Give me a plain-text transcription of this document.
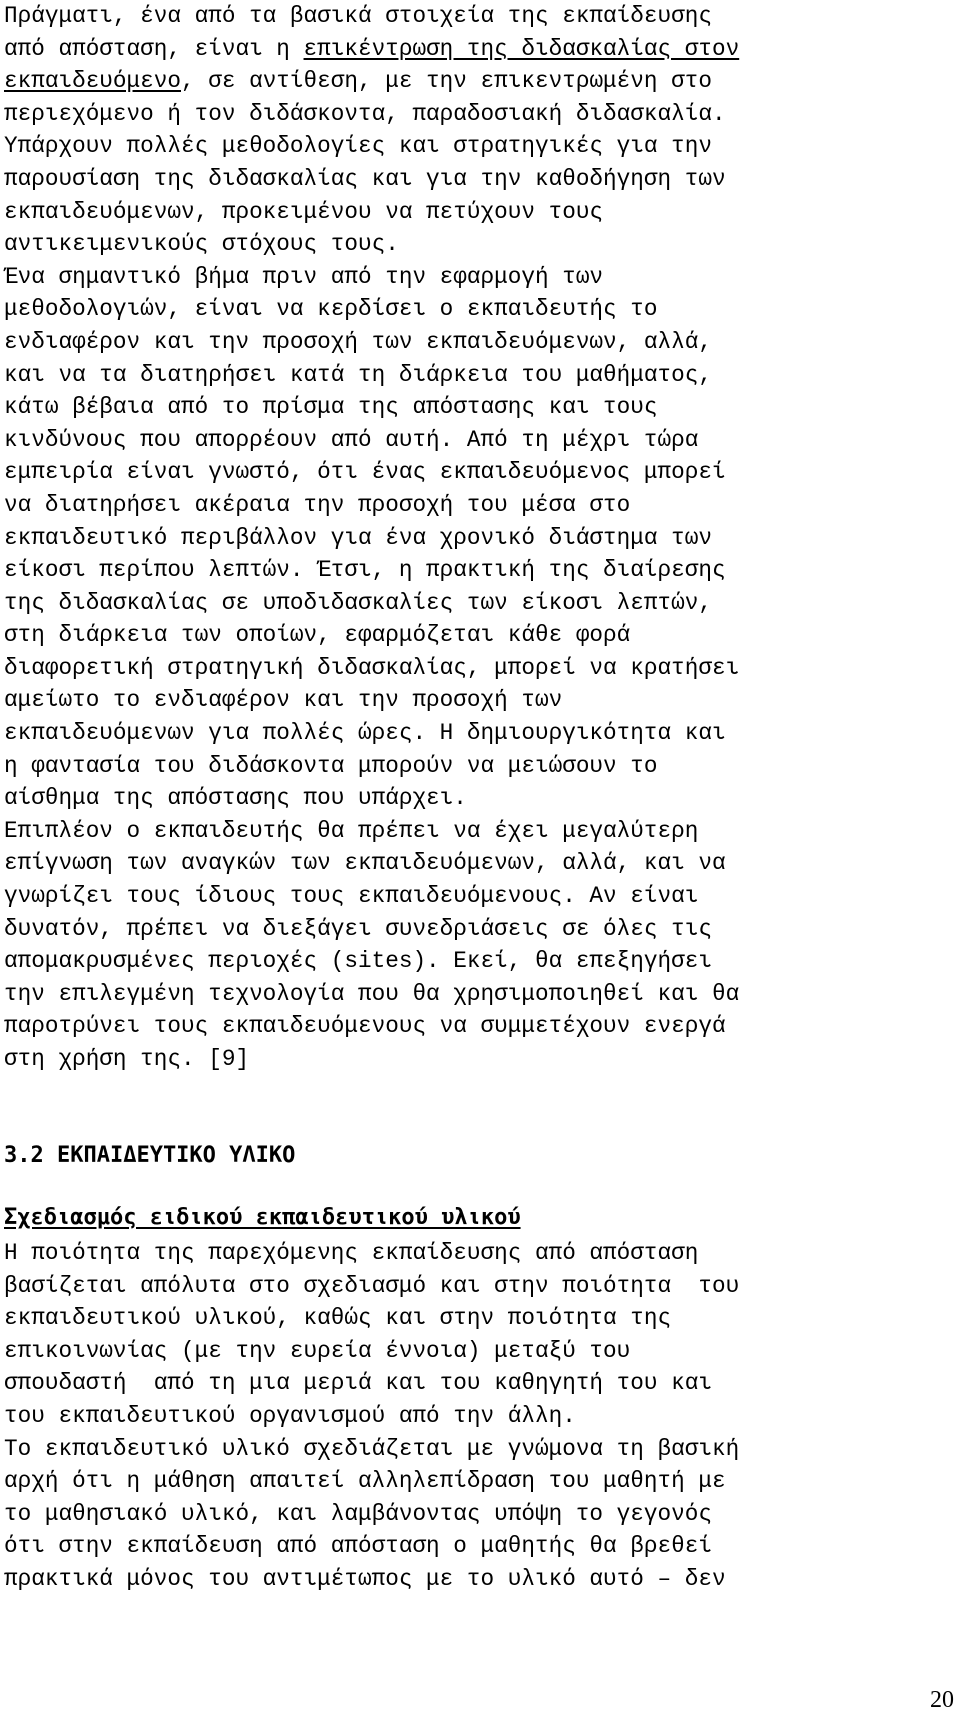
Πράγματι, ένα από τα βασικά στοιχεία της εκπαίδευσης
από απόσταση, είναι η επικέντρωση της διδασκαλίας στον
εκπαιδευόμενο, σε αντίθεση, με την επικεντρωμένη στο
περιεχόμενο ή τον διδάσκοντα, παραδοσιακή διδασκαλία.
Υπάρχουν πολλές μεθοδολογίες και στρατηγικές για την
παρουσίαση της διδασκαλίας και για την καθοδήγηση των
εκπαιδευόμενων, προκειμένου να πετύχουν τους
αντικειμενικούς στόχους τους.
Ένα σημαντικό βήμα πριν από την εφαρμογή των
μεθοδολογιών, είναι να κερδίσει ο εκπαιδευτής το
ενδιαφέρον και την προσοχή των εκπαιδευόμενων, αλλά,
και να τα διατηρήσει κατά τη διάρκεια του μαθήματος,
κάτω βέβαια από το πρίσμα της απόστασης και τους
κινδύνους που απορρέουν από αυτή. Από τη μέχρι τώρα
εμπειρία είναι γνωστό, ότι ένας εκπαιδευόμενος μπορεί
να διατηρήσει ακέραια την προσοχή του μέσα στο
εκπαιδευτικό περιβάλλον για ένα χρονικό διάστημα των
είκοσι περίπου λεπτών. Έτσι, η πρακτική της διαίρεσης
της διδασκαλίας σε υποδιδασκαλίες των είκοσι λεπτών,
στη διάρκεια των οποίων, εφαρμόζεται κάθε φορά
διαφορετική στρατηγική διδασκαλίας, μπορεί να κρατήσει
αμείωτο το ενδιαφέρον και την προσοχή των
εκπαιδευόμενων για πολλές ώρες. Η δημιουργικότητα και
η φαντασία του διδάσκοντα μπορούν να μειώσουν το
αίσθημα της απόστασης που υπάρχει.
Επιπλέον ο εκπαιδευτής θα πρέπει να έχει μεγαλύτερη
επίγνωση των αναγκών των εκπαιδευόμενων, αλλά, και να
γνωρίζει τους ίδιους τους εκπαιδευόμενους. Αν είναι
δυνατόν, πρέπει να διεξάγει συνεδριάσεις σε όλες τις
απομακρυσμένες περιοχές (sites). Εκεί, θα επεξηγήσει
την επιλεγμένη τεχνολογία που θα χρησιμοποιηθεί και θα
παροτρύνει τους εκπαιδευόμενους να συμμετέχουν ενεργά
στη χρήση της. [9]
3.2 ΕΚΠΑΙΔΕΥΤΙΚΟ ΥΛΙΚΟ
Σχεδιασμός ειδικού εκπαιδευτικού υλικού
Η ποιότητα της παρεχόμενης εκπαίδευσης από απόσταση
βασίζεται απόλυτα στο σχεδιασμό και στην ποιότητα  του
εκπαιδευτικού υλικού, καθώς και στην ποιότητα της
επικοινωνίας (με την ευρεία έννοια) μεταξύ του
σπουδαστή  από τη μια μεριά και του καθηγητή του και
του εκπαιδευτικού οργανισμού από την άλλη.
Το εκπαιδευτικό υλικό σχεδιάζεται με γνώμονα τη βασική
αρχή ότι η μάθηση απαιτεί αλληλεπίδραση του μαθητή με
το μαθησιακό υλικό, και λαμβάνοντας υπόψη το γεγονός
ότι στην εκπαίδευση από απόσταση ο μαθητής θα βρεθεί
πρακτικά μόνος του αντιμέτωπος με το υλικό αυτό – δεν
20
